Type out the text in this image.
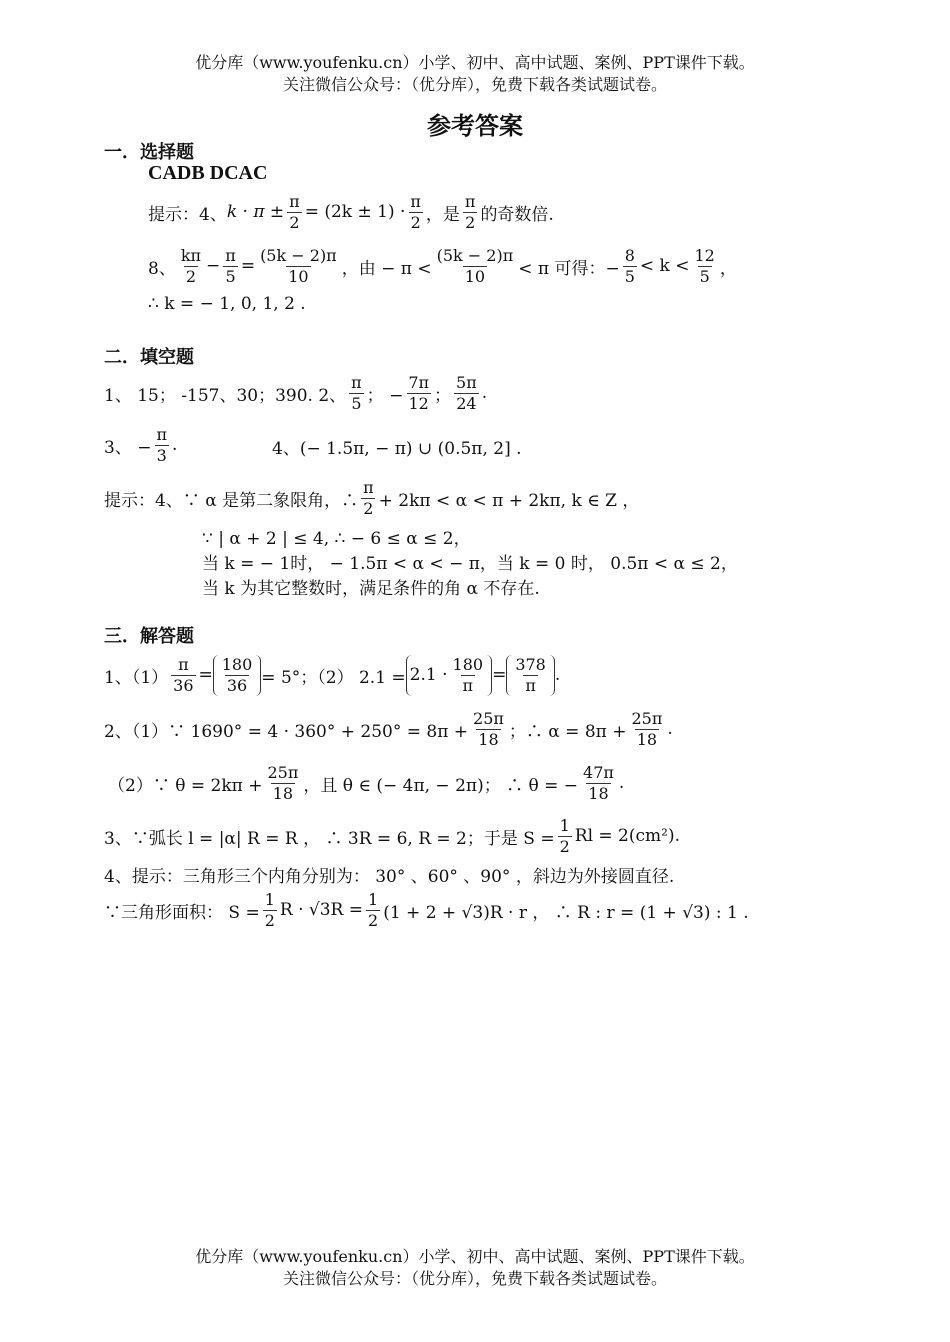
优分库（www.youfenku.cn）小学、初中、高中试题、案例、PPT课件下载。
关注微信公众号：（优分库），免费下载各类试题试卷。
参考答案
一．选择题
CADB DCAC
提示：4、 $k \cdot \pi \pm \frac{\pi}{2} = (2k \pm 1)$ ·
π
2 ，是
π
2 的奇数倍.
8、
kπ
$2 - \frac{\pi}{5} = \frac{(5k - 2)\pi}{10}$ ，由 − π <
(5k − 2)π
10 < π 可得：− $\frac{8}{5} < k$ <
12
5 ，
∴ k = − 1, 0, 1, 2 .
二．填空题
1、 15； -157、30；390. 2、
π
5 ； − $\frac{7\pi}{12}$ ；
5π
24 .
3、 − $\frac{\pi}{3}$ .	4、(− 1.5π, − π) ∪ (0.5π, 2] .
提示：4、∵ α 是第二象限角，∴
π
2 + 2kπ < α < π + 2kπ, k ∈ Z ，
∵ | α + 2 | ≤ 4, ∴ − 6 ≤ α ≤ 2，
当 k = − 1时， − 1.5π < α < − π，当 k = 0 时， 0.5π < α ≤ 2，
当 k 为其它整数时，满足条件的角 α 不存在.
三．解答题
1、$(1) \frac{\pi}{36}$ =
180
36 = 5°；（2） 2.1 = 2.1 ·
180
π =
378
π .
2、（1）∵ $1690^\circ = 4 \cdot 360^\circ + 250^\circ = 8\pi + \frac{25\pi}{18}$ ；∴ $\alpha = 8\pi + \frac{25\pi}{18}$ .
（2）∵ $\theta = 2k\pi + \frac{25\pi}{18}$ ，且 θ ∈ (− 4π, − 2π)； ∴ θ = − $\frac{47\pi}{18}$ .
3、∵弧长 l = |α| R = R ， ∴ 3R = 6, R = 2；于是 $S = \frac{1}{2}$ Rl = 2(cm²).
4、提示：三角形三个内角分别为： 30° 、60° 、90° ，斜边为外接圆直径.
∵三角形面积： $S = \frac{1}{2}$ $R \cdot √3R = \frac{1}{2} (1 + 2 + √3)R \cdot r$ ， ∴ R : r = (1 + √3) : 1 .
优分库（www.youfenku.cn）小学、初中、高中试题、案例、PPT课件下载。
关注微信公众号：（优分库），免费下载各类试题试卷。
